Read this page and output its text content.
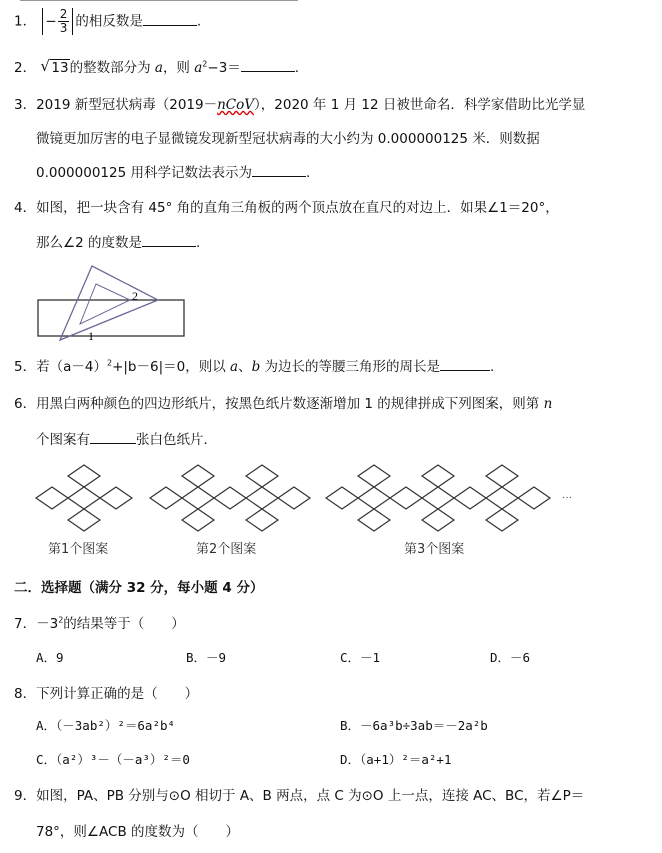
1． − $\frac{2}{3}$ 的相反数是	.
2． √ 13的整数部分为 a，则 $a^2-3=$	.
3．2019 新型冠状病毒（2019－nCoV），2020 年 1 月 12 日被世命名．科学家借助比光学显
微镜更加厉害的电子显微镜发现新型冠状病毒的大小约为 0.000000125 米．则数据
0.000000125 用科学记数法表示为	.
4．如图，把一块含有 45° 角的直角三角板的两个顶点放在直尺的对边上．如果∠1＝20°，
那么∠2 的度数是	.
2
1
5．若$(a-4)^2+|b-6|=0$，则以 a、b 为边长的等腰三角形的周长是	.
6．用黑白两种颜色的四边形纸片，按黑色纸片数逐渐增加 1 的规律拼成下列图案，则第 n
个图案有	张白色纸片．
···
第1个图案	第2个图案	第3个图案
二．选择题（满分 32 分，每小题 4 分）
7．$-3^2$的结果等于（　　）
A．9	B．－9	C．－1	D．－6
8．下列计算正确的是（　　）
A．（－3ab²）²＝6a²b⁴	B．－6a³b÷3ab＝－2a²b
C．（a²）³－（－a³）²＝0	D．（a+1）²＝a²+1
9．如图，PA、PB 分别与⊙O 相切于 A、B 两点，点 C 为⊙O 上一点，连接 AC、BC，若∠P＝
78°，则∠ACB 的度数为（　　）
